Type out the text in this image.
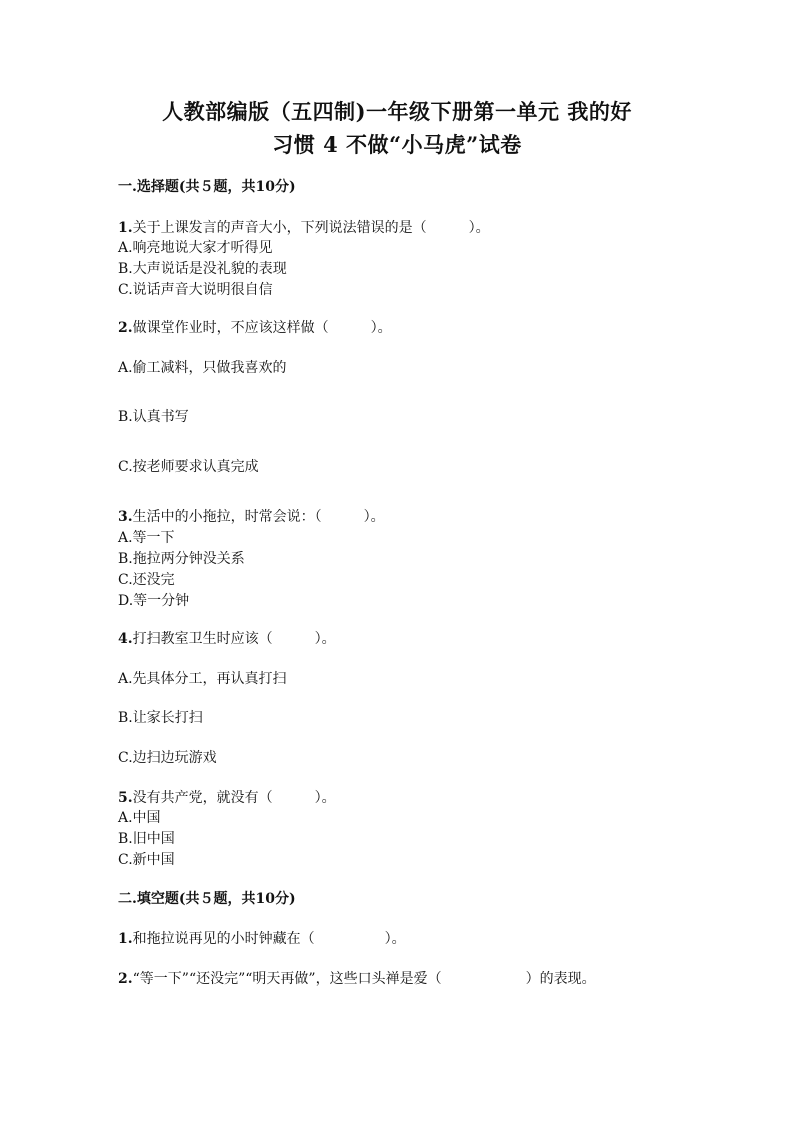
人教部编版（五四制)一年级下册第一单元 我的好
习惯 4 不做“小马虎”试卷
一.选择题(共５题，共10分)
1.关于上课发言的声音大小，下列说法错误的是（　　　）。
A.响亮地说大家才听得见
B.大声说话是没礼貌的表现
C.说话声音大说明很自信
2.做课堂作业时，不应该这样做（　　　）。
A.偷工减料，只做我喜欢的
B.认真书写
C.按老师要求认真完成
3.生活中的小拖拉，时常会说：（　　　）。
A.等一下
B.拖拉两分钟没关系
C.还没完
D.等一分钟
4.打扫教室卫生时应该（　　　）。
A.先具体分工，再认真打扫
B.让家长打扫
C.边扫边玩游戏
5.没有共产党，就没有（　　　）。
A.中国
B.旧中国
C.新中国
二.填空题(共５题，共10分)
1.和拖拉说再见的小时钟藏在（　　　　　）。
2.“等一下”“还没完”“明天再做”，这些口头禅是爱（　　　　　　）的表现。
